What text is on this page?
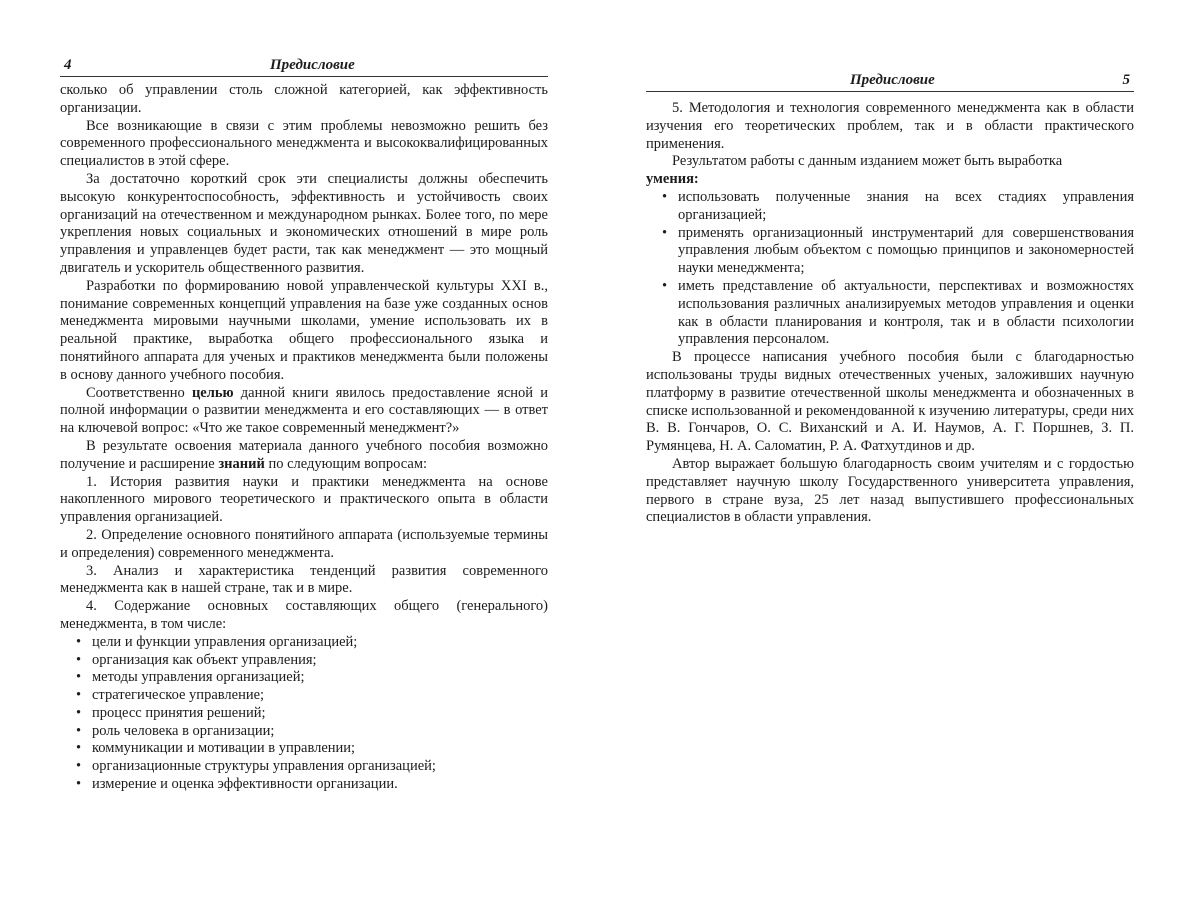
4	Предисловие

сколько об управлении столь сложной категорией, как эффективность организации.

Все возникающие в связи с этим проблемы невозможно решить без современного профессионального менеджмента и высококвалифицированных специалистов в этой сфере.

За достаточно короткий срок эти специалисты должны обеспечить высокую конкурентоспособность, эффективность и устойчивость своих организаций на отечественном и международном рынках. Более того, по мере укрепления новых социальных и экономических отношений в мире роль управления и управленцев будет расти, так как менеджмент — это мощный двигатель и ускоритель общественного развития.

Разработки по формированию новой управленческой культуры XXI в., понимание современных концепций управления на базе уже созданных основ менеджмента мировыми научными школами, умение использовать их в реальной практике, выработка общего профессионального языка и понятийного аппарата для ученых и практиков менеджмента были положены в основу данного учебного пособия.

Соответственно целью данной книги явилось предоставление ясной и полной информации о развитии менеджмента и его составляющих — в ответ на ключевой вопрос: «Что же такое современный менеджмент?»

В результате освоения материала данного учебного пособия возможно получение и расширение знаний по следующим вопросам:

1. История развития науки и практики менеджмента на основе накопленного мирового теоретического и практического опыта в области управления организацией.

2. Определение основного понятийного аппарата (используемые термины и определения) современного менеджмента.

3. Анализ и характеристика тенденций развития современного менеджмента как в нашей стране, так и в мире.

4. Содержание основных составляющих общего (генерального) менеджмента, в том числе:

• цели и функции управления организацией;
• организация как объект управления;
• методы управления организацией;
• стратегическое управление;
• процесс принятия решений;
• роль человека в организации;
• коммуникации и мотивации в управлении;
• организационные структуры управления организацией;
• измерение и оценка эффективности организации.
Предисловие	5

5. Методология и технология современного менеджмента как в области изучения его теоретических проблем, так и в области практического применения.

Результатом работы с данным изданием может быть выработка

умения:

• использовать полученные знания на всех стадиях управления организацией;
• применять организационный инструментарий для совершенствования управления любым объектом с помощью принципов и закономерностей науки менеджмента;
• иметь представление об актуальности, перспективах и возможностях использования различных анализируемых методов управления и оценки как в области планирования и контроля, так и в области психологии управления персоналом.

В процессе написания учебного пособия были с благодарностью использованы труды видных отечественных ученых, заложивших научную платформу в развитие отечественной школы менеджмента и обозначенных в списке использованной и рекомендованной к изучению литературы, среди них В. В. Гончаров, О. С. Виханский и А. И. Наумов, А. Г. Поршнев, З. П. Румянцева, Н. А. Саломатин, Р. А. Фатхутдинов и др.

Автор выражает большую благодарность своим учителям и с гордостью представляет научную школу Государственного университета управления, первого в стране вуза, 25 лет назад выпустившего профессиональных специалистов в области управления.
